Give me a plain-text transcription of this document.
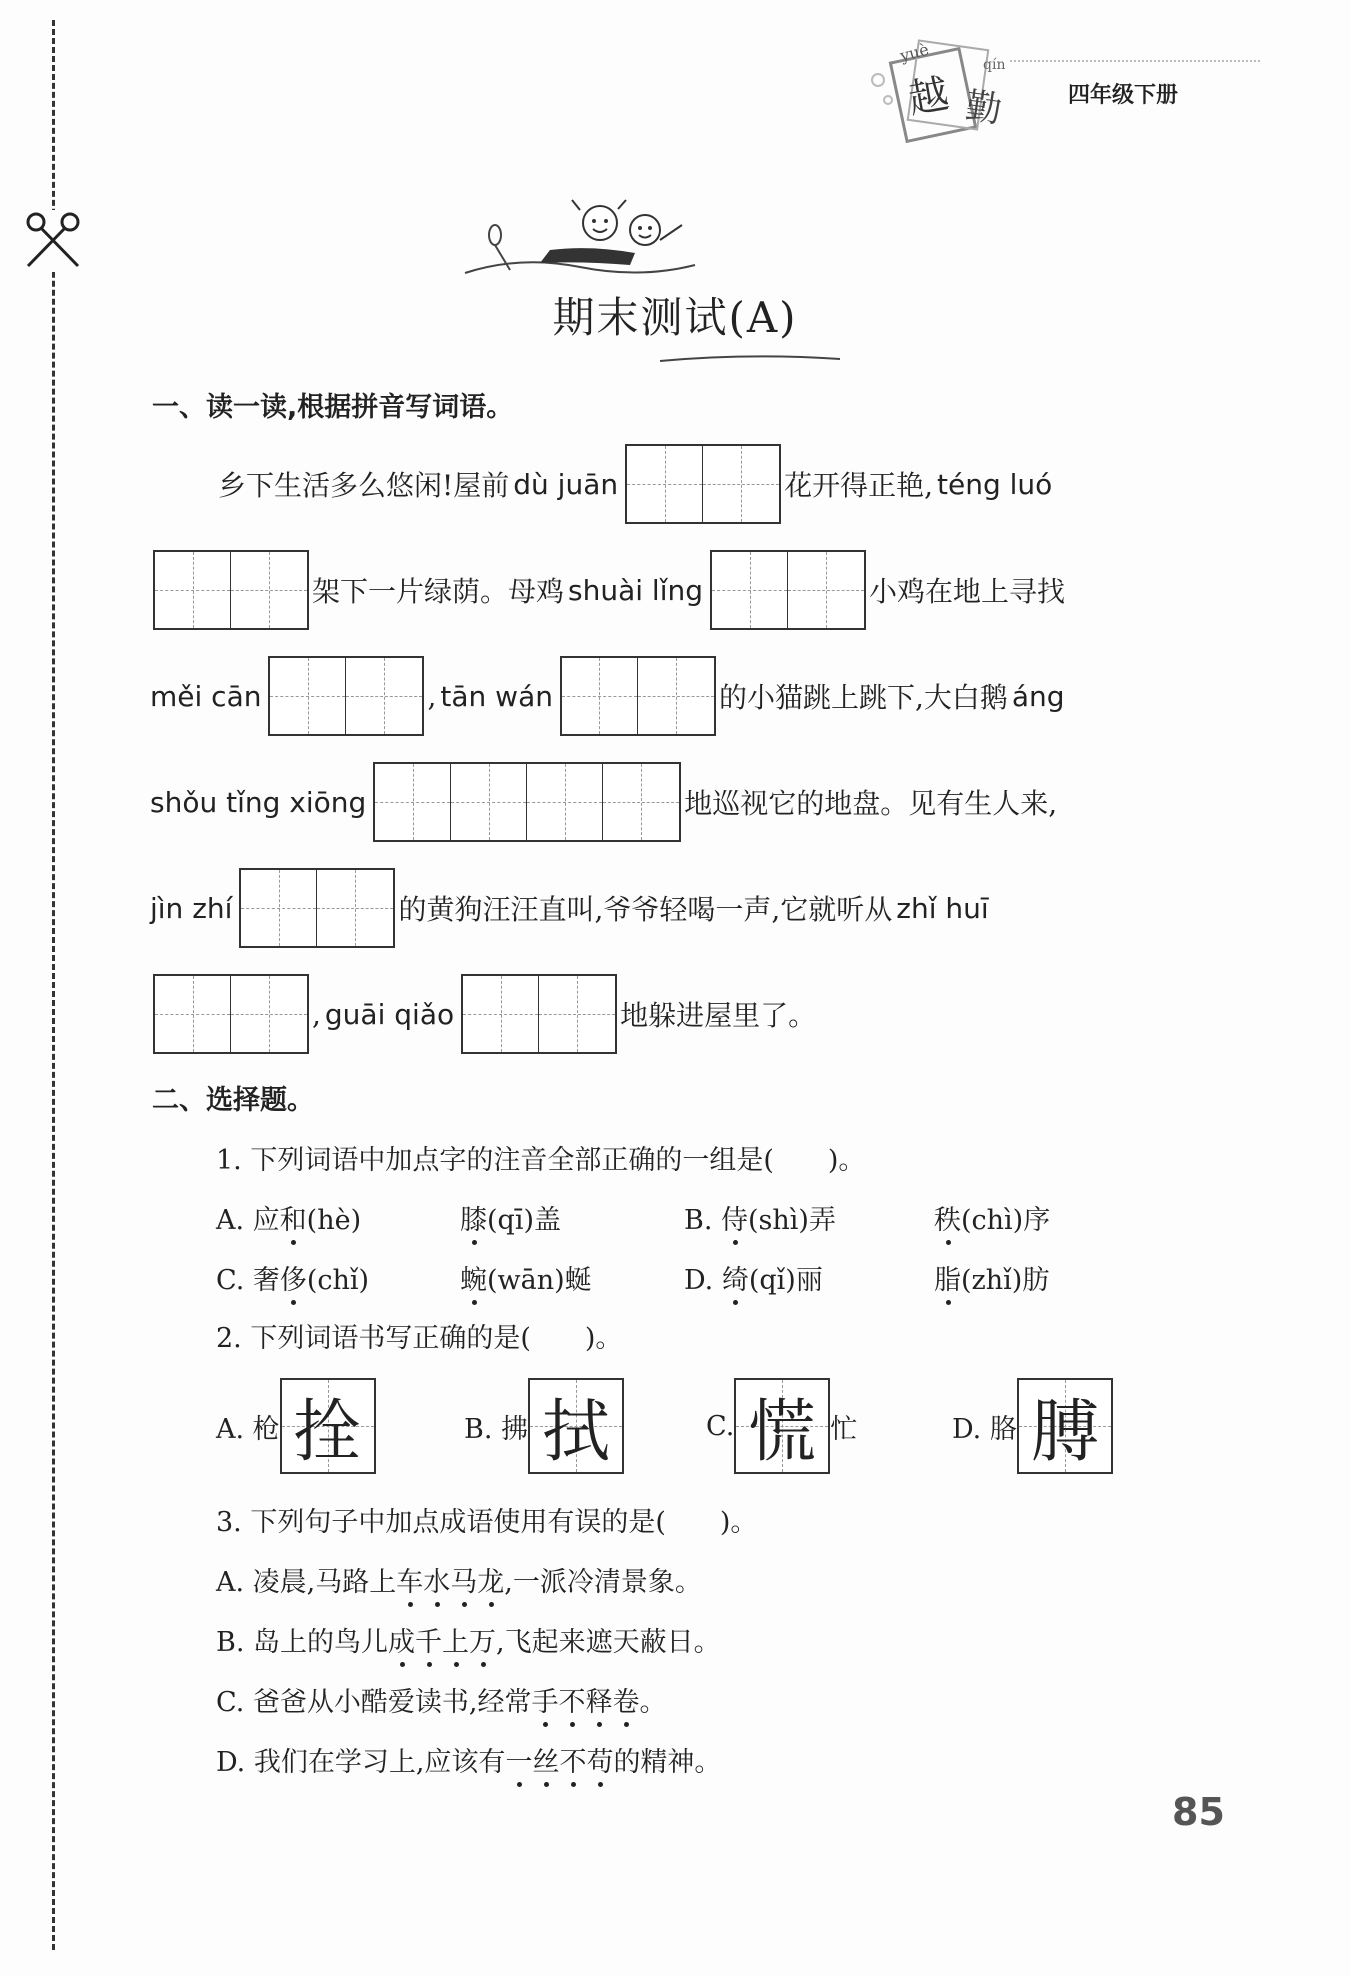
yuè
越
qín
勤	四年级下册
期末测试(A)
一、读一读,根据拼音写词语。
乡下生活多么悠闲!屋前 dù juān	花开得正艳, téng luó
架下一片绿荫。母鸡 shuài lǐng	小鸡在地上寻找
měi cān	, tān wán	的小猫跳上跳下,大白鹅 áng
shǒu tǐng xiōng	地巡视它的地盘。见有生人来,
jìn zhí	的黄狗汪汪直叫,爷爷轻喝一声,它就听从 zhǐ huī
, guāi qiǎo	地躲进屋里了。
二、选择题。
1. 下列词语中加点字的注音全部正确的一组是(　　)。
A. 应和(hè)	膝(qī)盖	B. 侍(shì)弄	秩(chì)序
C. 奢侈(chǐ)	蜿(wān)蜒	D. 绮(qǐ)丽	脂(zhǐ)肪
2. 下列词语书写正确的是(　　)。
A. 枪 拴	B. 拂 拭	C. 慌 忙	D. 胳 膊
3. 下列句子中加点成语使用有误的是(　　)。
A. 凌晨,马路上车水马龙,一派冷清景象。
B. 岛上的鸟儿成千上万,飞起来遮天蔽日。
C. 爸爸从小酷爱读书,经常手不释卷。
D. 我们在学习上,应该有一丝不苟的精神。
85
